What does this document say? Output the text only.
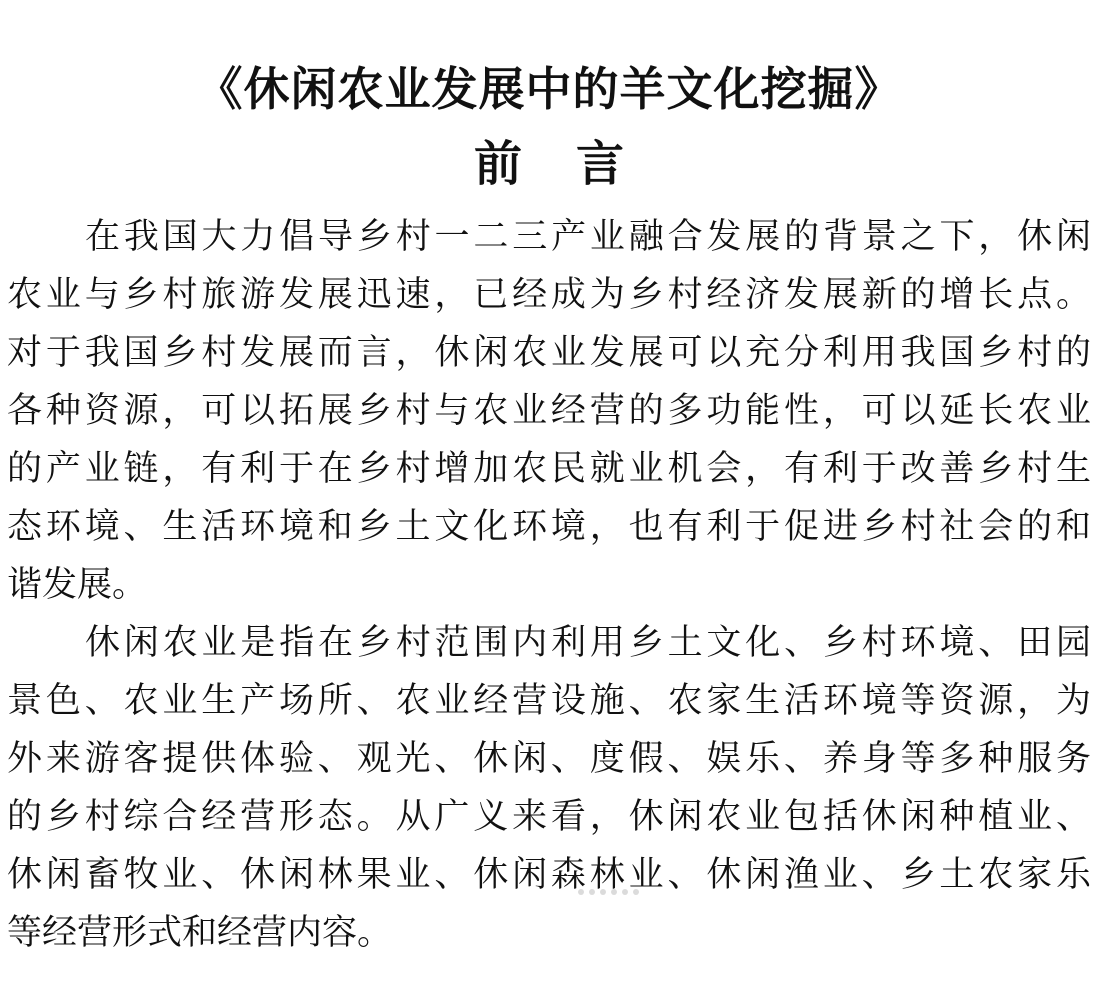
《休闲农业发展中的羊文化挖掘》
前言

在我国大力倡导乡村一二三产业融合发展的背景之下，休闲
农业与乡村旅游发展迅速，已经成为乡村经济发展新的增长点。
对于我国乡村发展而言，休闲农业发展可以充分利用我国乡村的
各种资源，可以拓展乡村与农业经营的多功能性，可以延长农业
的产业链，有利于在乡村增加农民就业机会，有利于改善乡村生
态环境、生活环境和乡土文化环境，也有利于促进乡村社会的和
谐发展。

休闲农业是指在乡村范围内利用乡土文化、乡村环境、田园
景色、农业生产场所、农业经营设施、农家生活环境等资源，为
外来游客提供体验、观光、休闲、度假、娱乐、养身等多种服务
的乡村综合经营形态。从广义来看，休闲农业包括休闲种植业、
休闲畜牧业、休闲林果业、休闲森林业、休闲渔业、乡土农家乐
等经营形式和经营内容。
